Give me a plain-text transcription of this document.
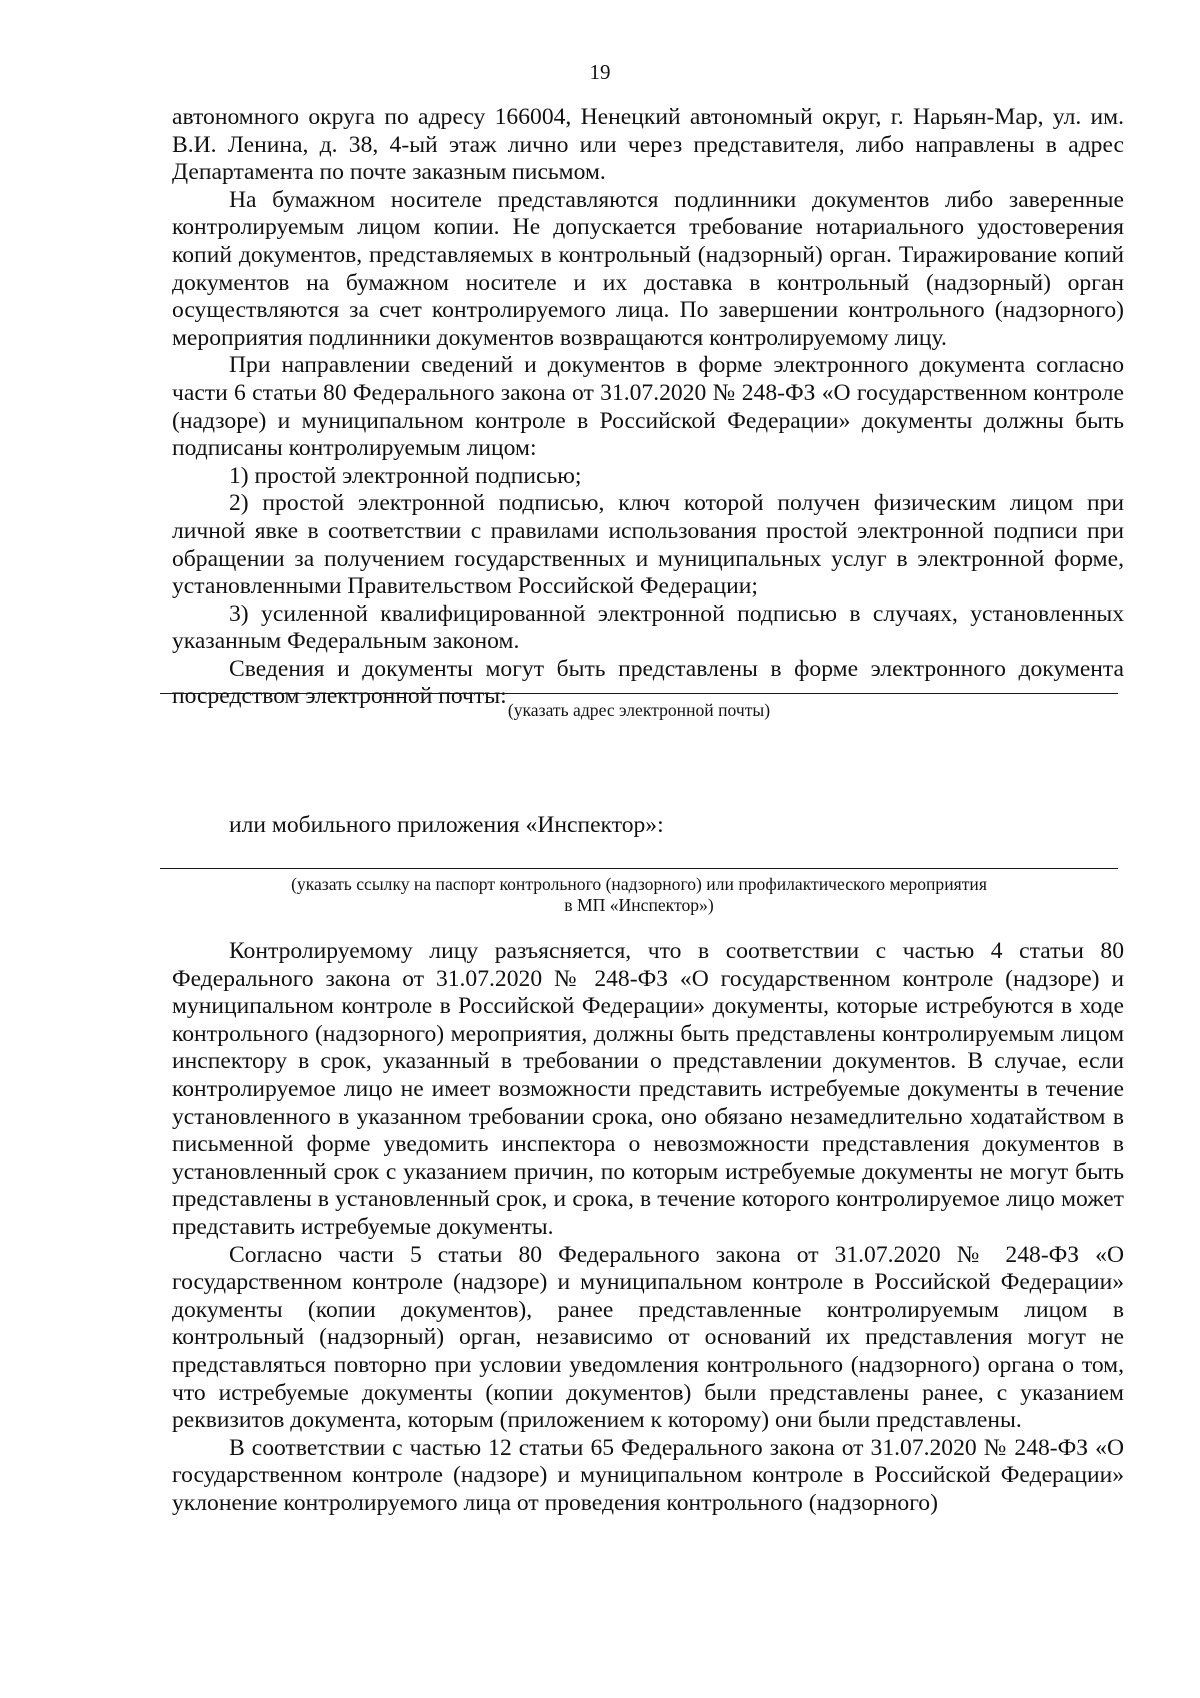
19

автономного округа по адресу 166004, Ненецкий автономный округ, г. Нарьян-Мар, ул. им. В.И. Ленина, д. 38, 4-ый этаж лично или через представителя, либо направлены в адрес Департамента по почте заказным письмом.

На бумажном носителе представляются подлинники документов либо заверенные контролируемым лицом копии. Не допускается требование нотариального удостоверения копий документов, представляемых в контрольный (надзорный) орган. Тиражирование копий документов на бумажном носителе и их доставка в контрольный (надзорный) орган осуществляются за счет контролируемого лица. По завершении контрольного (надзорного) мероприятия подлинники документов возвращаются контролируемому лицу.

При направлении сведений и документов в форме электронного документа согласно части 6 статьи 80 Федерального закона от 31.07.2020 № 248-ФЗ «О государственном контроле (надзоре) и муниципальном контроле в Российской Федерации» документы должны быть подписаны контролируемым лицом:

1) простой электронной подписью;

2) простой электронной подписью, ключ которой получен физическим лицом при личной явке в соответствии с правилами использования простой электронной подписи при обращении за получением государственных и муниципальных услуг в электронной форме, установленными Правительством Российской Федерации;

3) усиленной квалифицированной электронной подписью в случаях, установленных указанным Федеральным законом.

Сведения и документы могут быть представлены в форме электронного документа посредством электронной почты:

(указать адрес электронной почты)
или мобильного приложения «Инспектор»:
(указать ссылку на паспорт контрольного (надзорного) или профилактического мероприятия
в МП «Инспектор»)

Контролируемому лицу разъясняется, что в соответствии с частью 4 статьи 80 Федерального закона от 31.07.2020 № 248-ФЗ «О государственном контроле (надзоре) и муниципальном контроле в Российской Федерации» документы, которые истребуются в ходе контрольного (надзорного) мероприятия, должны быть представлены контролируемым лицом инспектору в срок, указанный в требовании о представлении документов. В случае, если контролируемое лицо не имеет возможности представить истребуемые документы в течение установленного в указанном требовании срока, оно обязано незамедлительно ходатайством в письменной форме уведомить инспектора о невозможности представления документов в установленный срок с указанием причин, по которым истребуемые документы не могут быть представлены в установленный срок, и срока, в течение которого контролируемое лицо может представить истребуемые документы.

Согласно части 5 статьи 80 Федерального закона от 31.07.2020 № 248-ФЗ «О государственном контроле (надзоре) и муниципальном контроле в Российской Федерации» документы (копии документов), ранее представленные контролируемым лицом в контрольный (надзорный) орган, независимо от оснований их представления могут не представляться повторно при условии уведомления контрольного (надзорного) органа о том, что истребуемые документы (копии документов) были представлены ранее, с указанием реквизитов документа, которым (приложением к которому) они были представлены.

В соответствии с частью 12 статьи 65 Федерального закона от 31.07.2020 № 248-ФЗ «О государственном контроле (надзоре) и муниципальном контроле в Российской Федерации» уклонение контролируемого лица от проведения контрольного (надзорного)
